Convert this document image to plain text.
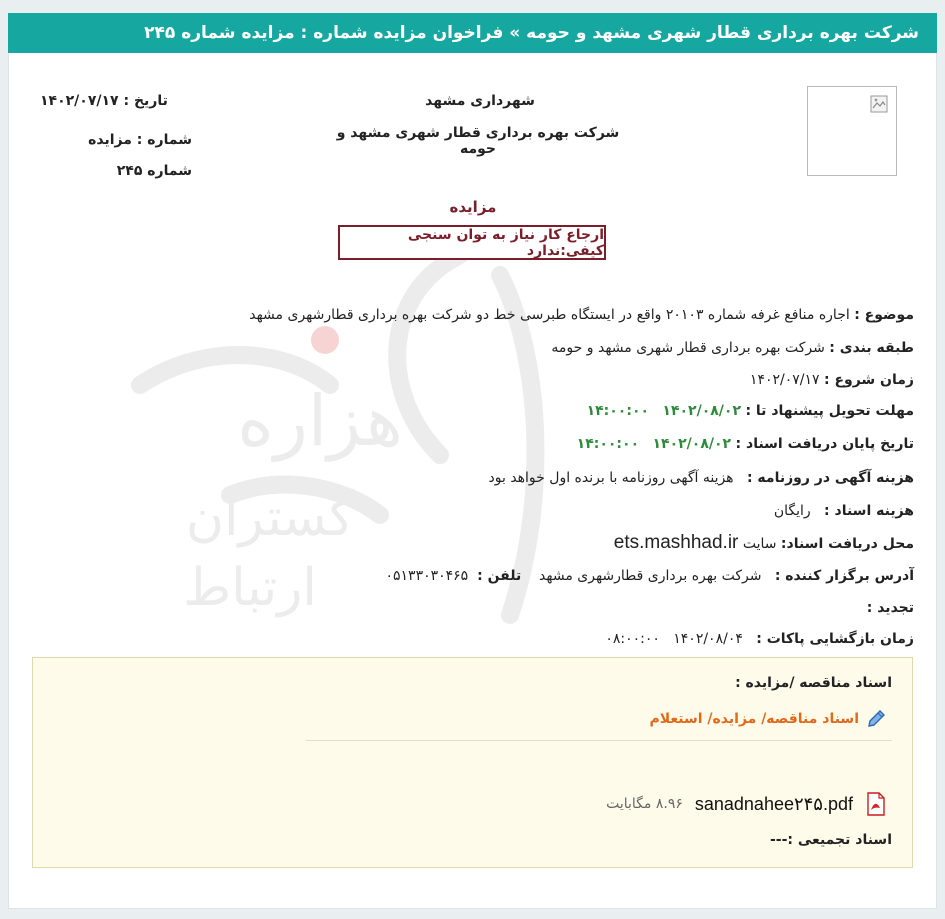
شرکت بهره برداری قطار شهری مشهد و حومه » فراخوان مزایده شماره : مزایده شماره ۲۴۵
هزاره
گستران
ارتباط
تاریخ : ۱۴۰۲/۰۷/۱۷
شماره : مزایده شماره ۲۴۵
شهرداری مشهد
شرکت بهره برداری قطار شهری مشهد و حومه
مزایده
ارجاع کار نیاز به توان سنجی کیفی:ندارد
موضوع : اجاره منافع غرفه شماره ۲۰۱۰۳ واقع در ایستگاه طبرسی خط دو شرکت بهره برداری قطارشهری مشهد
طبقه بندی : شرکت بهره برداری قطار شهری مشهد و حومه
زمان شروع : ۱۴۰۲/۰۷/۱۷
مهلت تحویل پیشنهاد تا : ۱۴۰۲/۰۸/۰۲   ۱۴:۰۰:۰۰
تاریخ پایان دریافت اسناد : ۱۴۰۲/۰۸/۰۲   ۱۴:۰۰:۰۰
هزینه آگهی در روزنامه :   هزینه آگهی روزنامه با برنده اول خواهد بود
هزینه اسناد :   رایگان
محل دریافت اسناد: سایت ets.mashhad.ir
آدرس برگزار کننده :   شرکت بهره برداری قطارشهری مشهد    تلفن :  ۰۵۱۳۳۰۳۰۴۶۵
تجدید :
زمان بازگشایی پاکات :   ۱۴۰۲/۰۸/۰۴   ۰۸:۰۰:۰۰
اسناد مناقصه /مزایده :
اسناد مناقصه/ مزایده/ استعلام
sanadnahee۲۴۵.pdf
۸.۹۶ مگابایت
اسناد تجمیعی :---
